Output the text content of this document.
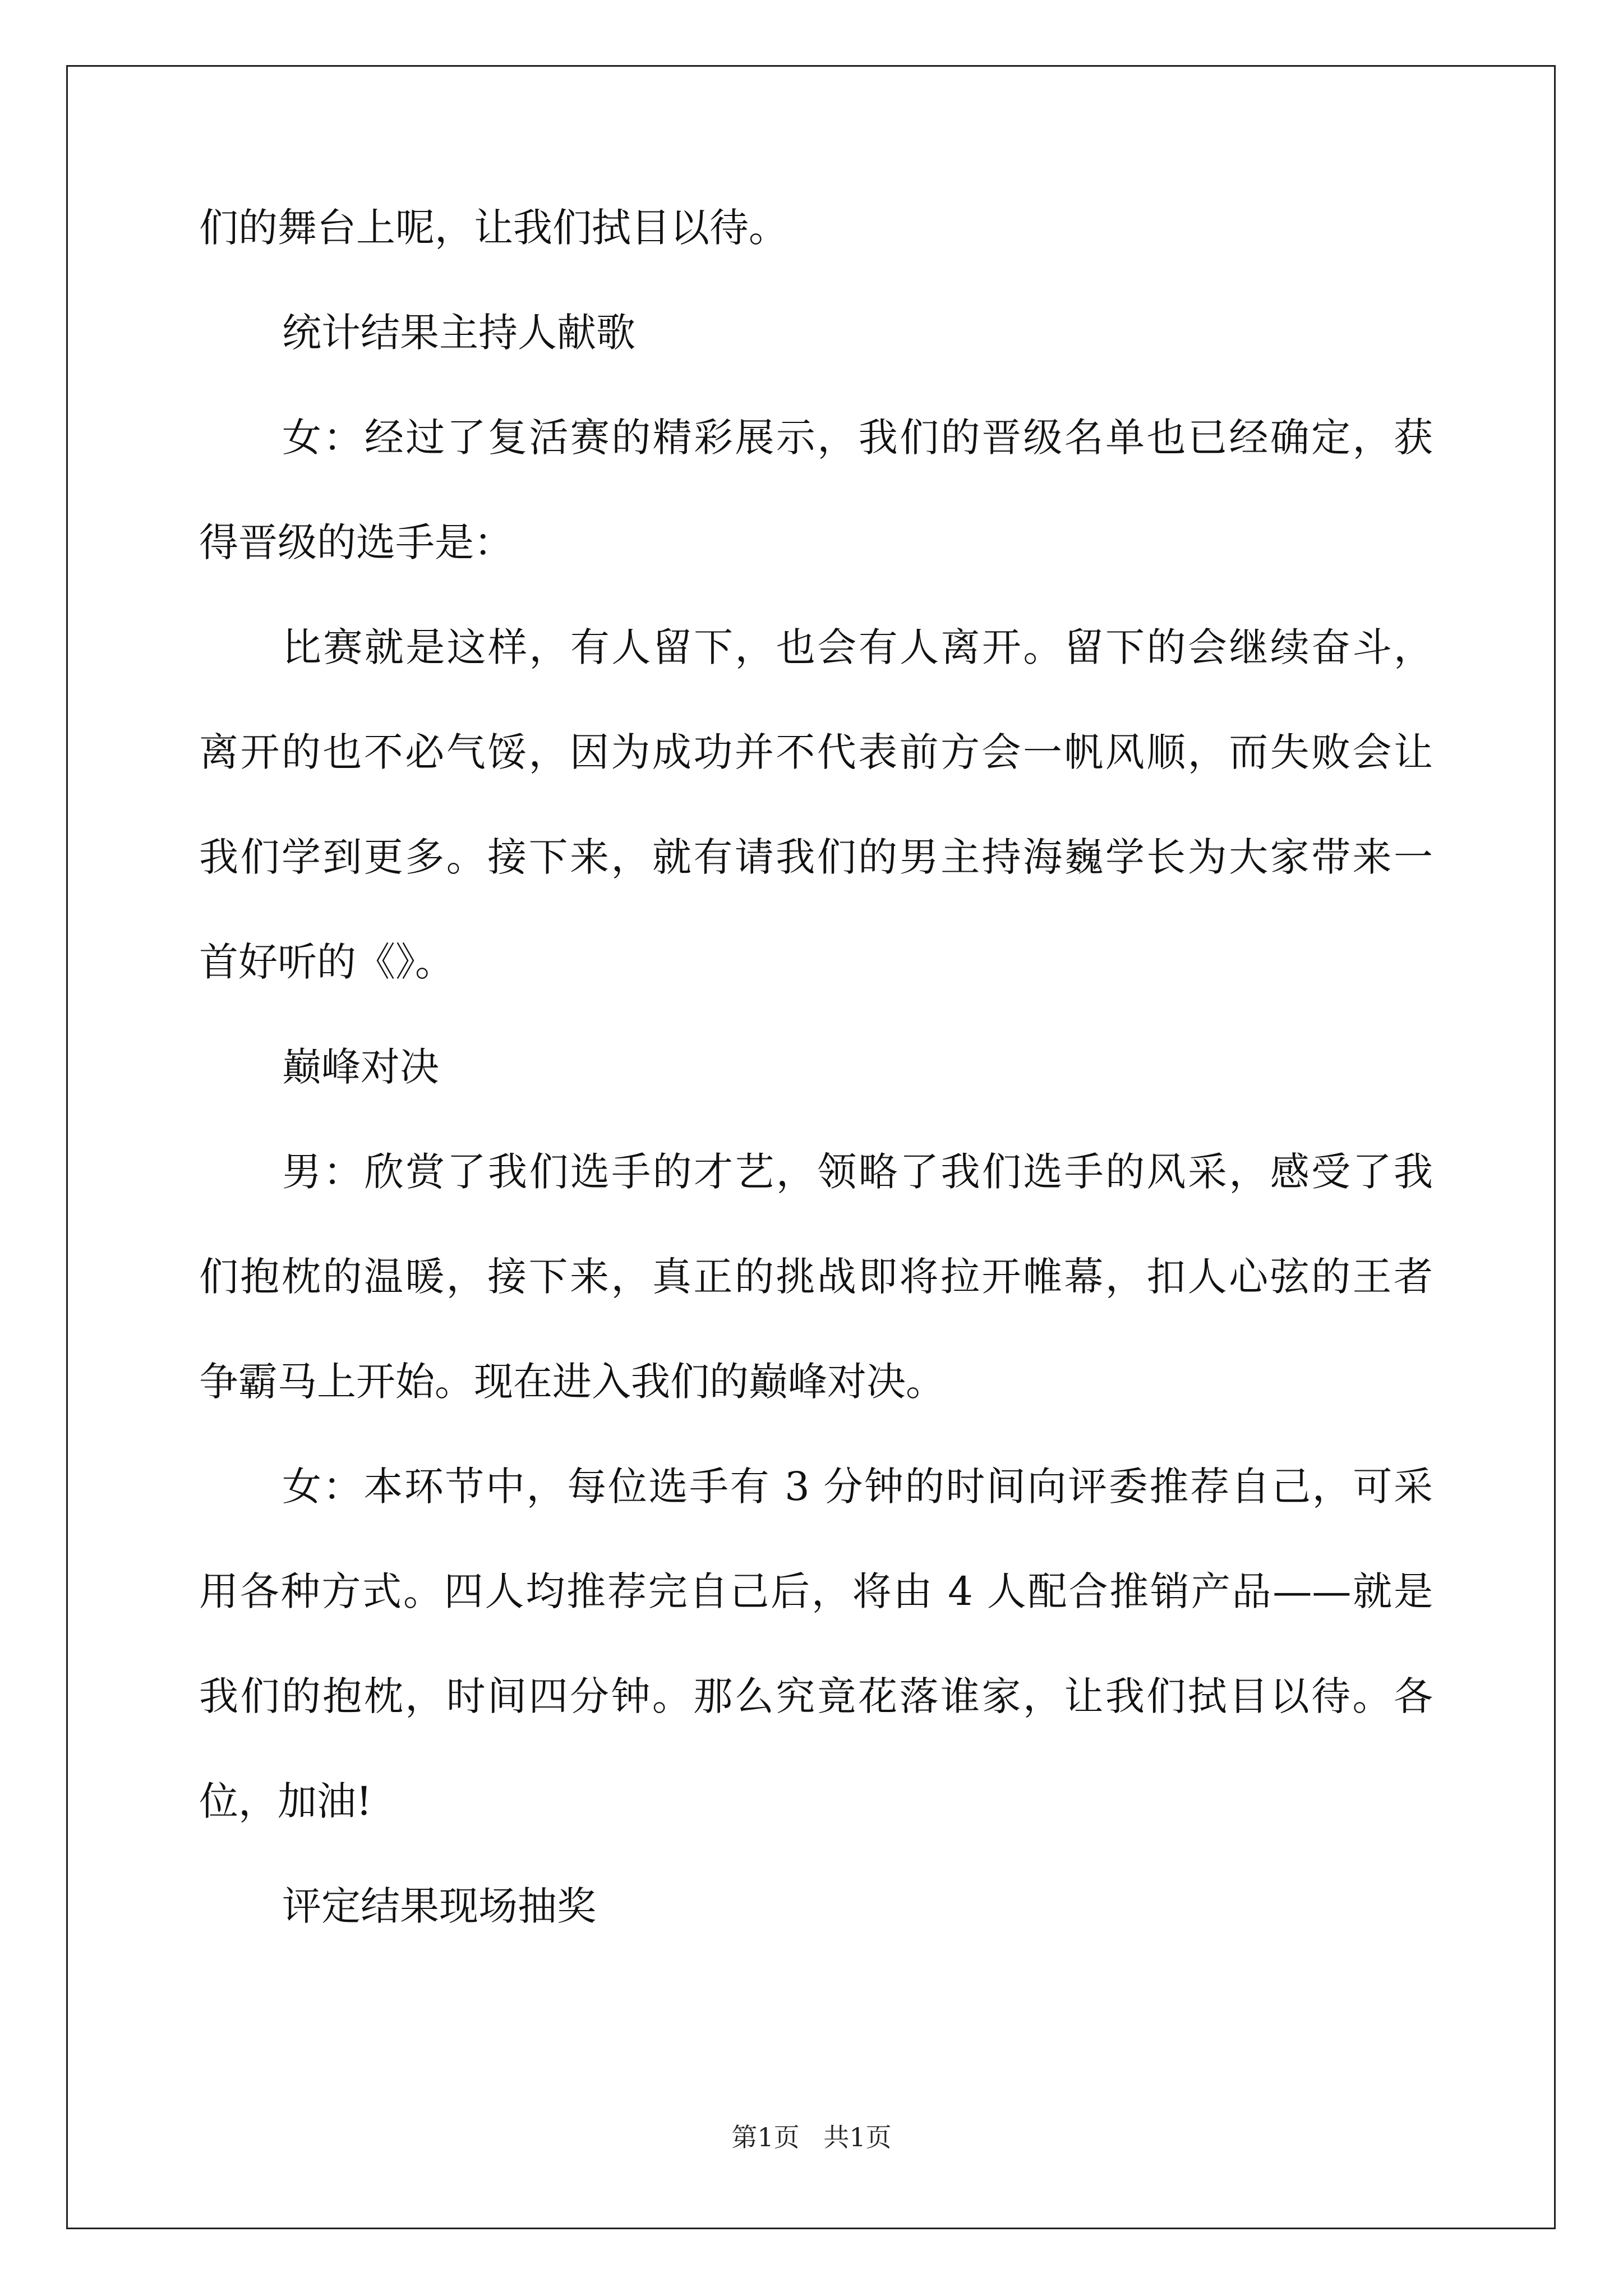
们的舞台上呢，让我们拭目以待。

统计结果主持人献歌

女：经过了复活赛的精彩展示，我们的晋级名单也已经确定，获

得晋级的选手是：

比赛就是这样，有人留下，也会有人离开。留下的会继续奋斗，

离开的也不必气馁，因为成功并不代表前方会一帆风顺，而失败会让

我们学到更多。接下来，就有请我们的男主持海巍学长为大家带来一

首好听的《》。

巅峰对决

男：欣赏了我们选手的才艺，领略了我们选手的风采，感受了我

们抱枕的温暖，接下来，真正的挑战即将拉开帷幕，扣人心弦的王者

争霸马上开始。现在进入我们的巅峰对决。

女：本环节中，每位选手有 3 分钟的时间向评委推荐自己，可采

用各种方式。四人均推荐完自己后，将由 4 人配合推销产品——就是

我们的抱枕，时间四分钟。那么究竟花落谁家，让我们拭目以待。各

位，加油!

评定结果现场抽奖

第1页 共1页
